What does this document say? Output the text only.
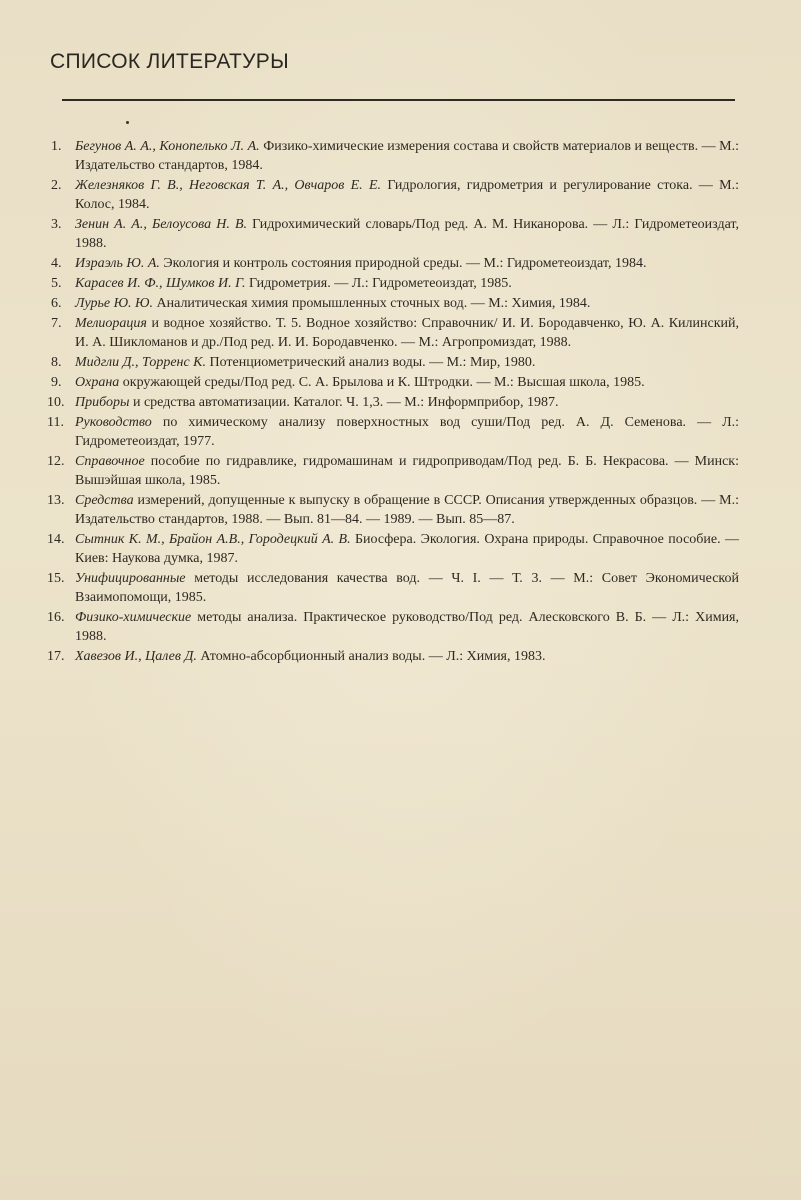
СПИСОК ЛИТЕРАТУРЫ
1. Бегунов А. А., Конопелько Л. А. Физико-химические измерения состава и свойств материалов и веществ. — М.: Издательство стандартов, 1984.
2. Железняков Г. В., Неговская Т. А., Овчаров Е. Е. Гидрология, гидрометрия и регулирование стока. — М.: Колос, 1984.
3. Зенин А. А., Белоусова Н. В. Гидрохимический словарь/Под ред. А. М. Никанорова. — Л.: Гидрометеоиздат, 1988.
4. Израэль Ю. А. Экология и контроль состояния природной среды. — М.: Гидрометеоиздат, 1984.
5. Карасев И. Ф., Шумков И. Г. Гидрометрия. — Л.: Гидрометеоиздат, 1985.
6. Лурье Ю. Ю. Аналитическая химия промышленных сточных вод. — М.: Химия, 1984.
7. Мелиорация и водное хозяйство. Т. 5. Водное хозяйство: Справочник/ И. И. Бородавченко, Ю. А. Килинский, И. А. Шикломанов и др./Под ред. И. И. Бородавченко. — М.: Агропромиздат, 1988.
8. Мидгли Д., Торренс К. Потенциометрический анализ воды. — М.: Мир, 1980.
9. Охрана окружающей среды/Под ред. С. А. Брылова и К. Штродки. — М.: Высшая школа, 1985.
10. Приборы и средства автоматизации. Каталог. Ч. 1,3. — М.: Информприбор, 1987.
11. Руководство по химическому анализу поверхностных вод суши/Под ред. А. Д. Семенова. — Л.: Гидрометеоиздат, 1977.
12. Справочное пособие по гидравлике, гидромашинам и гидроприводам/Под ред. Б. Б. Некрасова. — Минск: Вышэйшая школа, 1985.
13. Средства измерений, допущенные к выпуску в обращение в СССР. Описания утвержденных образцов. — М.: Издательство стандартов, 1988. — Вып. 81—84. — 1989. — Вып. 85—87.
14. Сытник К. М., Брайон А.В., Городецкий А. В. Биосфера. Экология. Охрана природы. Справочное пособие. — Киев: Наукова думка, 1987.
15. Унифицированные методы исследования качества вод. — Ч. I. — Т. 3. — М.: Совет Экономической Взаимопомощи, 1985.
16. Физико-химические методы анализа. Практическое руководство/Под ред. Алесковского В. Б. — Л.: Химия, 1988.
17. Хавезов И., Цалев Д. Атомно-абсорбционный анализ воды. — Л.: Химия, 1983.
